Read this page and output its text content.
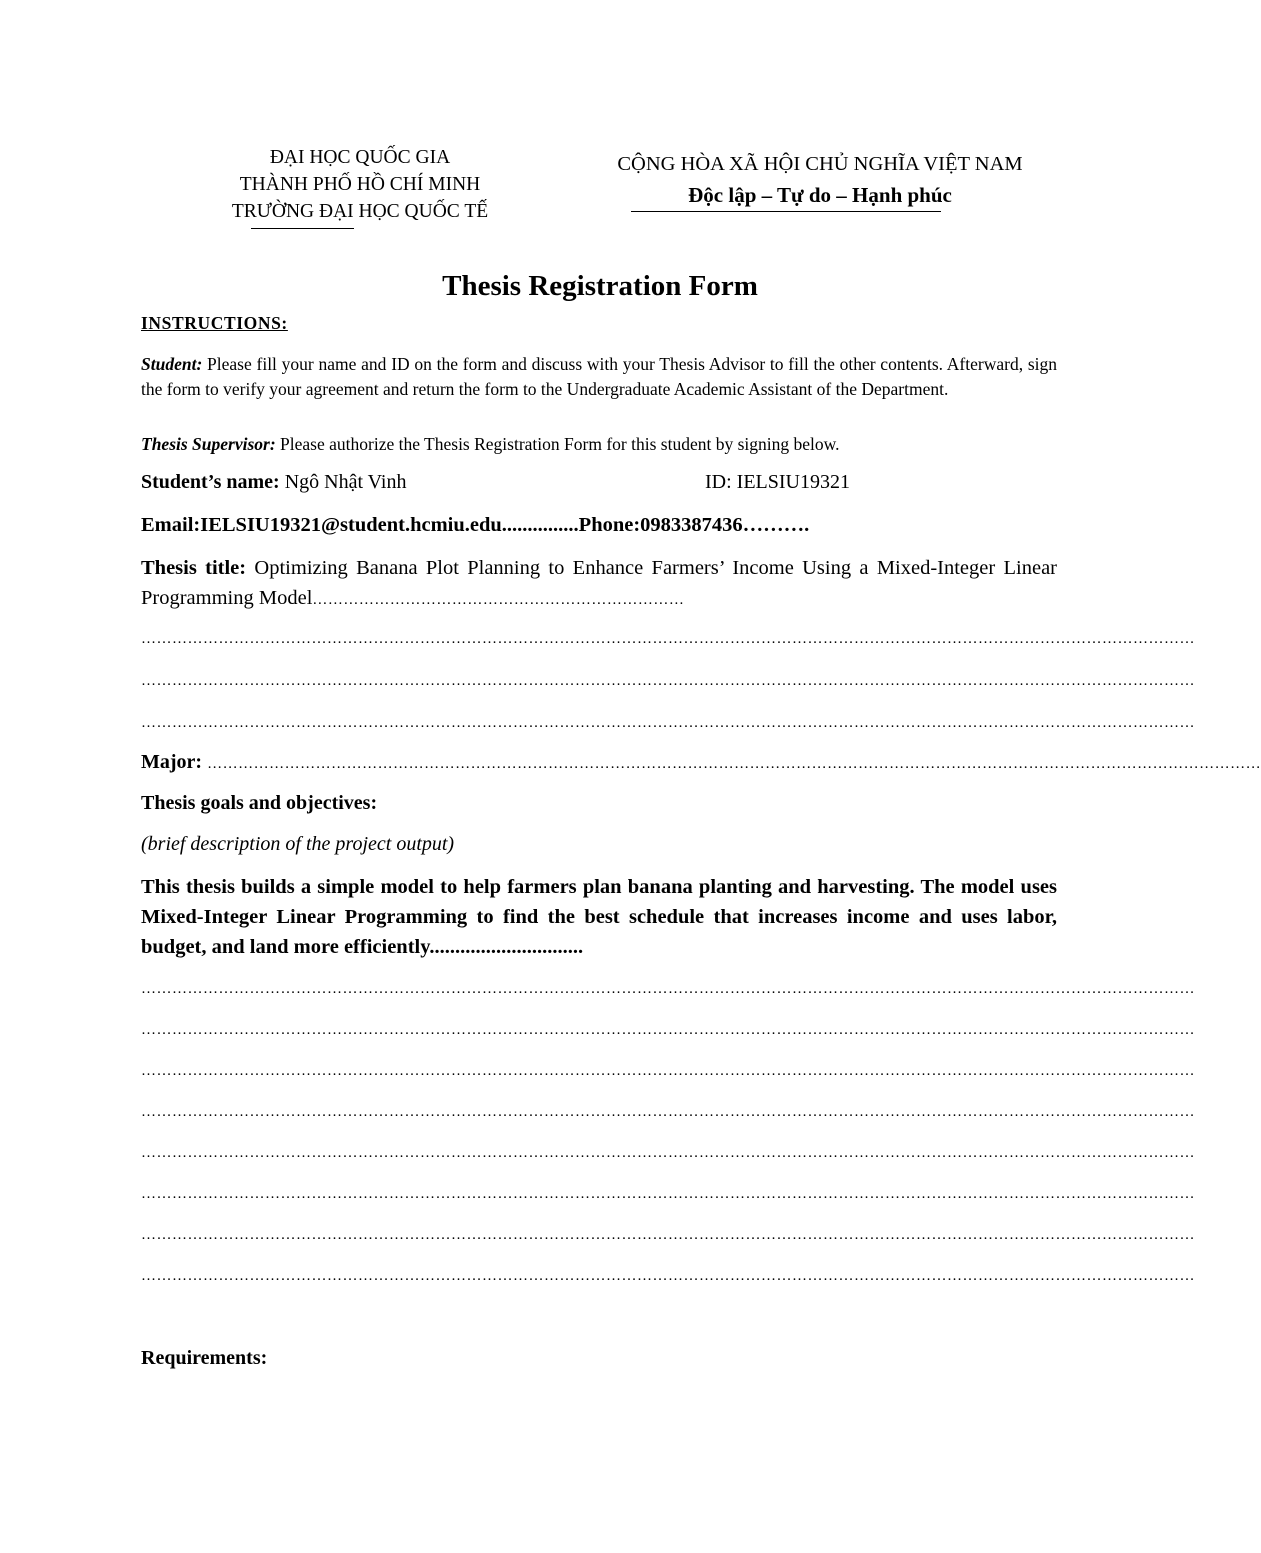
ĐẠI HỌC QUỐC GIA
THÀNH PHỐ HỒ CHÍ MINH
TRƯỜNG ĐẠI HỌC QUỐC TẾ
CỘNG HÒA XÃ HỘI CHỦ NGHĨA VIỆT NAM
Độc lập – Tự do – Hạnh phúc
Thesis Registration Form
INSTRUCTIONS:
Student: Please fill your name and ID on the form and discuss with your Thesis Advisor to fill the other contents. Afterward, sign the form to verify your agreement and return the form to the Undergraduate Academic Assistant of the Department.
Thesis Supervisor: Please authorize the Thesis Registration Form for this student by signing below.
Student’s name: Ngô Nhật Vinh	ID: IELSIU19321
Email:IELSIU19321@student.hcmiu.edu...............Phone:0983387436……….
Thesis title: Optimizing Banana Plot Planning to Enhance Farmers’ Income Using a Mixed-Integer Linear Programming Model………………………………………………………………
……………………………………………………………………………………………………………………………………………………………………………………
……………………………………………………………………………………………………………………………………………………………………………………
……………………………………………………………………………………………………………………………………………………………………………………
Major: ……………………………………………………………………………………………………………………………………………………………………………………
Thesis goals and objectives:
(brief description of the project output)
This thesis builds a simple model to help farmers plan banana planting and harvesting. The model uses Mixed-Integer Linear Programming to find the best schedule that increases income and uses labor, budget, and land more efficiently..............................
……………………………………………………………………………………………………………………………………………………………………………………
……………………………………………………………………………………………………………………………………………………………………………………
……………………………………………………………………………………………………………………………………………………………………………………
……………………………………………………………………………………………………………………………………………………………………………………
……………………………………………………………………………………………………………………………………………………………………………………
……………………………………………………………………………………………………………………………………………………………………………………
……………………………………………………………………………………………………………………………………………………………………………………
……………………………………………………………………………………………………………………………………………………………………………………
Requirements:
